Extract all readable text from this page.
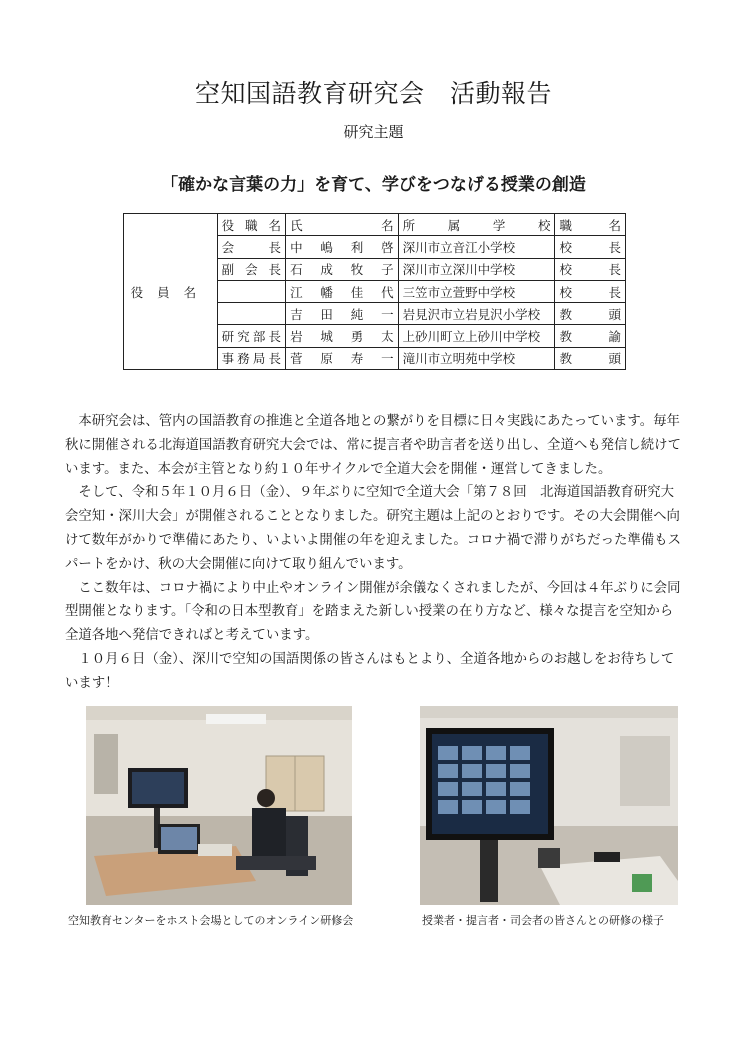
空知国語教育研究会　活動報告
研究主題
「確かな言葉の力」を育て、学びをつなげる授業の創造
役員名	役職名	氏名	所属学校	職名
	会長	中嶋利啓	深川市立音江小学校	校長
	副会長	石成牧子	深川市立深川中学校	校長
		江幡佳代	三笠市立萱野中学校	校長
		吉田純一	岩見沢市立岩見沢小学校	教頭
	研究部長	岩城勇太	上砂川町立上砂川中学校	教諭
	事務局長	菅原寿一	滝川市立明苑中学校	教頭

本研究会は、管内の国語教育の推進と全道各地との繋がりを目標に日々実践にあたっています。毎年秋に開催される北海道国語教育研究大会では、常に提言者や助言者を送り出し、全道へも発信し続けています。また、本会が主管となり約１０年サイクルで全道大会を開催・運営してきました。

そして、令和５年１０月６日（金）、９年ぶりに空知で全道大会「第７８回　北海道国語教育研究大会空知・深川大会」が開催されることとなりました。研究主題は上記のとおりです。その大会開催へ向けて数年がかりで準備にあたり、いよいよ開催の年を迎えました。コロナ禍で滞りがちだった準備もスパートをかけ、秋の大会開催に向けて取り組んでいます。

ここ数年は、コロナ禍により中止やオンライン開催が余儀なくされましたが、今回は４年ぶりに会同型開催となります。「令和の日本型教育」を踏まえた新しい授業の在り方など、様々な提言を空知から全道各地へ発信できればと考えています。

１０月６日（金）、深川で空知の国語関係の皆さんはもとより、全道各地からのお越しをお待ちしています！

空知教育センターをホスト会場としてのオンライン研修会	授業者・提言者・司会者の皆さんとの研修の様子
